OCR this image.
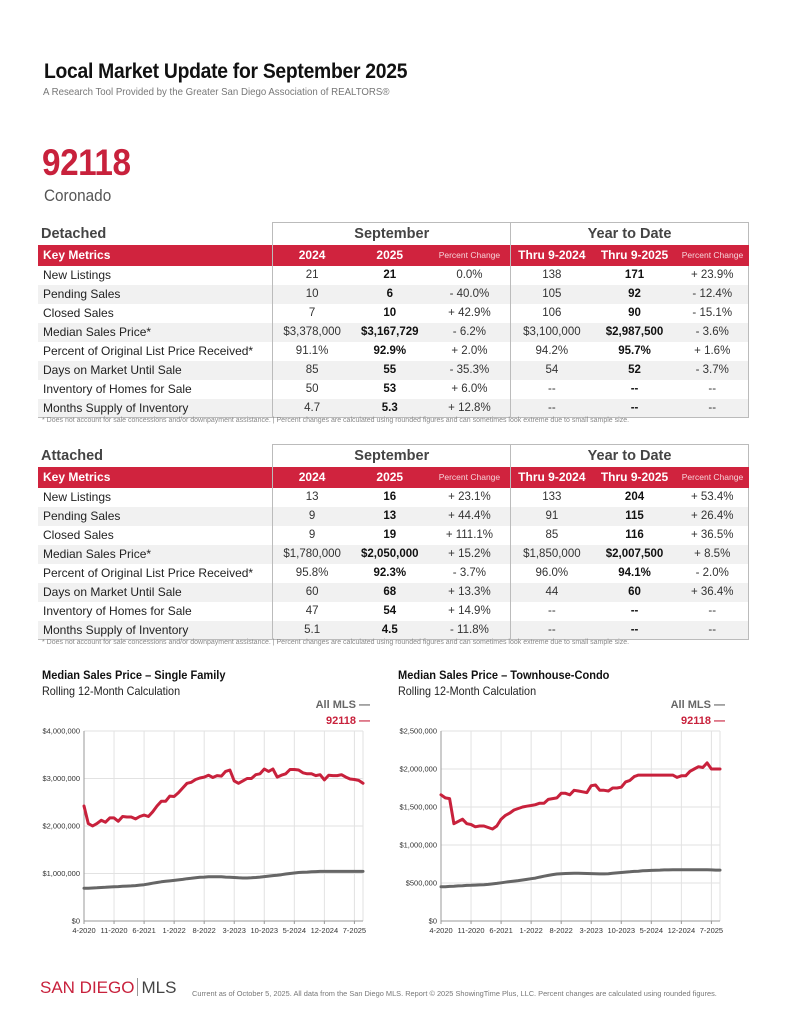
Local Market Update for September 2025
A Research Tool Provided by the Greater San Diego Association of REALTORS®
92118
Coronado
Detached	September			Year to Date		
Key Metrics	2024	2025	Percent Change	Thru 9-2024	Thru 9-2025	Percent Change
New Listings	21	21	0.0%	138	171	+ 23.9%
Pending Sales	10	6	- 40.0%	105	92	- 12.4%
Closed Sales	7	10	+ 42.9%	106	90	- 15.1%
Median Sales Price*	$3,378,000	$3,167,729	- 6.2%	$3,100,000	$2,987,500	- 3.6%
Percent of Original List Price Received*	91.1%	92.9%	+ 2.0%	94.2%	95.7%	+ 1.6%
Days on Market Until Sale	85	55	- 35.3%	54	52	- 3.7%
Inventory of Homes for Sale	50	53	+ 6.0%	--	--	--
Months Supply of Inventory	4.7	5.3	+ 12.8%	--	--	--
* Does not account for sale concessions and/or downpayment assistance. | Percent changes are calculated using rounded figures and can sometimes look extreme due to small sample size.
Attached	September			Year to Date		
Key Metrics	2024	2025	Percent Change	Thru 9-2024	Thru 9-2025	Percent Change
New Listings	13	16	+ 23.1%	133	204	+ 53.4%
Pending Sales	9	13	+ 44.4%	91	115	+ 26.4%
Closed Sales	9	19	+ 111.1%	85	116	+ 36.5%
Median Sales Price*	$1,780,000	$2,050,000	+ 15.2%	$1,850,000	$2,007,500	+ 8.5%
Percent of Original List Price Received*	95.8%	92.3%	- 3.7%	96.0%	94.1%	- 2.0%
Days on Market Until Sale	60	68	+ 13.3%	44	60	+ 36.4%
Inventory of Homes for Sale	47	54	+ 14.9%	--	--	--
Months Supply of Inventory	5.1	4.5	- 11.8%	--	--	--
* Does not account for sale concessions and/or downpayment assistance. | Percent changes are calculated using rounded figures and can sometimes look extreme due to small sample size.
Median Sales Price – Single Family
Rolling 12-Month Calculation
All MLS —
92118 —
$0
$1,000,000
$2,000,000
$3,000,000
$4,000,000
4-2020 11-2020 6-2021 1-2022 8-2022 3-2023 10-2023 5-2024 12-2024 7-2025
Median Sales Price – Townhouse-Condo
Rolling 12-Month Calculation
All MLS —
92118 —
$0
$500,000
$1,000,000
$1,500,000
$2,000,000
$2,500,000
4-2020 11-2020 6-2021 1-2022 8-2022 3-2023 10-2023 5-2024 12-2024 7-2025
SAN DIEGO MLS Current as of October 5, 2025. All data from the San Diego MLS. Report © 2025 ShowingTime Plus, LLC. Percent changes are calculated using rounded figures.
